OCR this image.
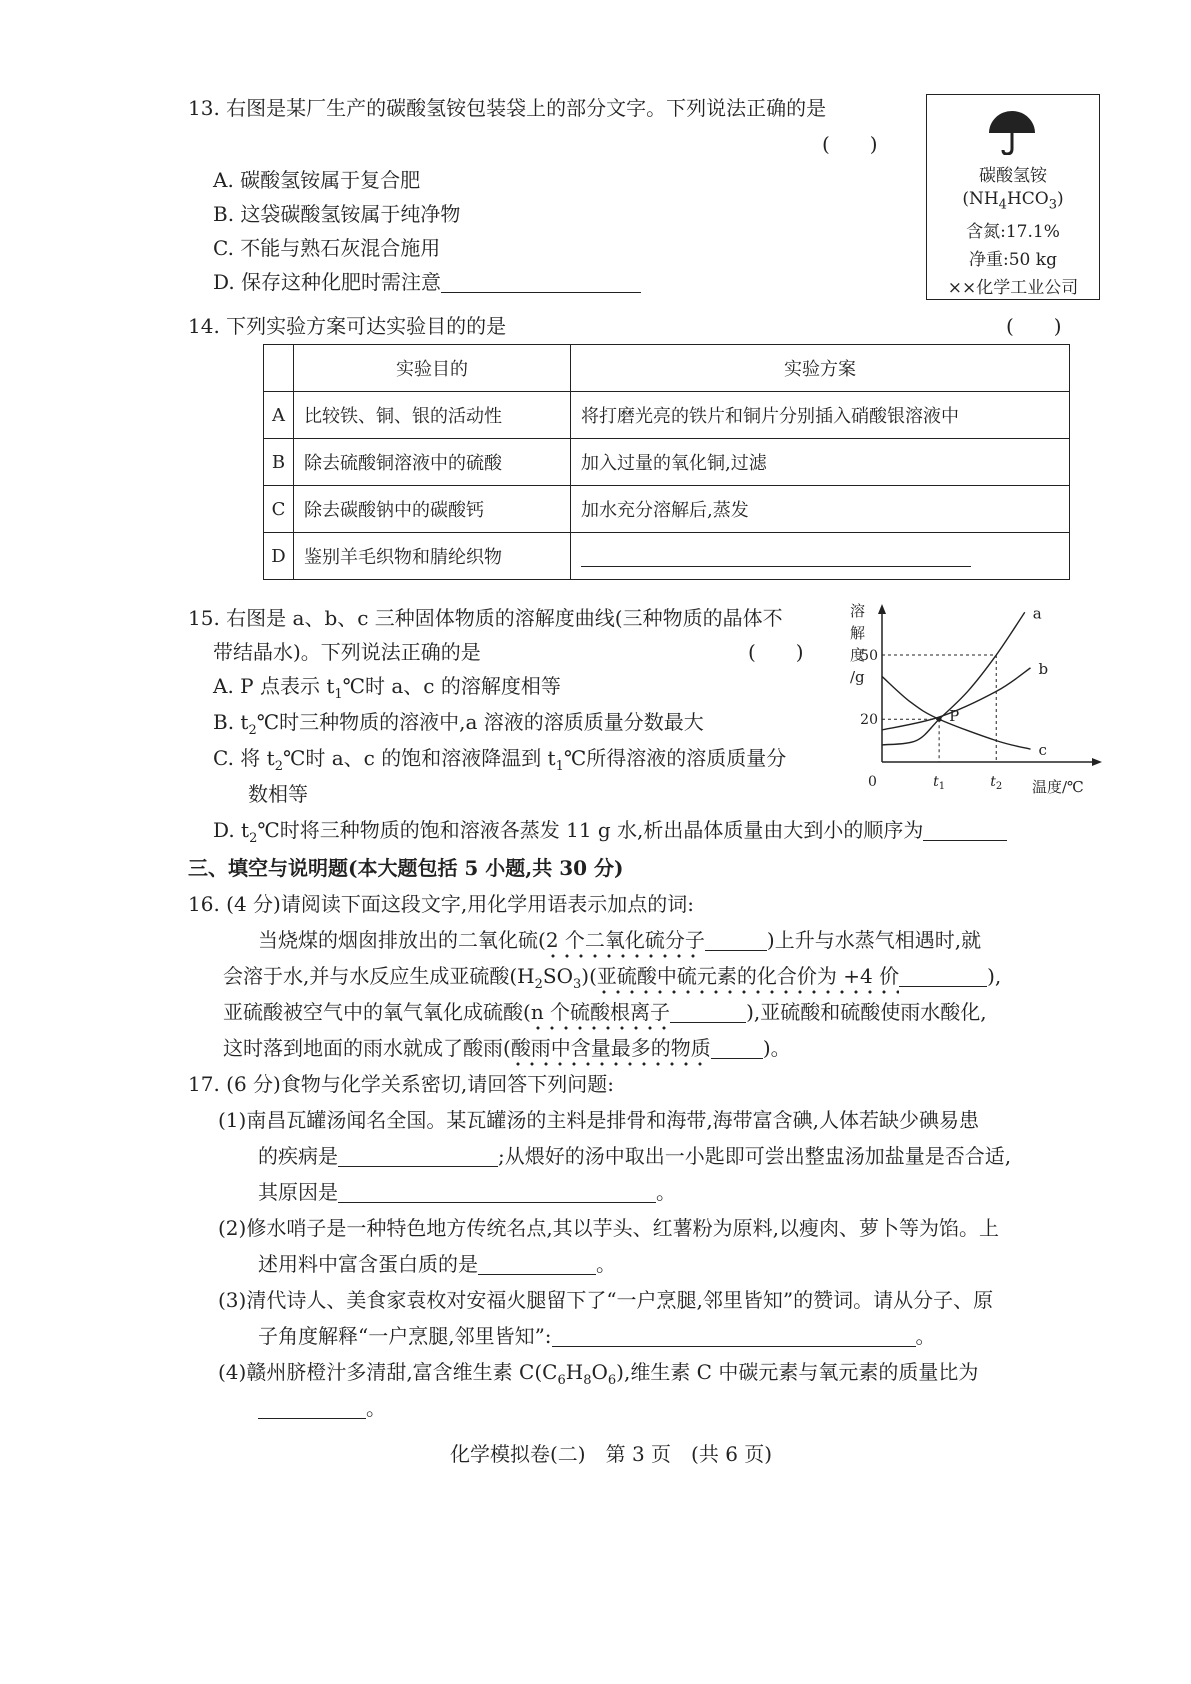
13. 右图是某厂生产的碳酸氢铵包装袋上的部分文字。下列说法正确的是
(　　)
A. 碳酸氢铵属于复合肥
B. 这袋碳酸氢铵属于纯净物
C. 不能与熟石灰混合施用
D. 保存这种化肥时需注意
碳酸氢铵
$(NH_4HCO_3)$
含氮:17.1%
净重:50 kg
××化学工业公司
14. 下列实验方案可达实验目的的是	(　　)
	实验目的	实验方案
A	比较铁、铜、银的活动性	将打磨光亮的铁片和铜片分别插入硝酸银溶液中
B	除去硫酸铜溶液中的硫酸	加入过量的氧化铜,过滤
C	除去碳酸钠中的碳酸钙	加水充分溶解后,蒸发
D	鉴别羊毛织物和腈纶织物	
15. 右图是 a、b、c 三种固体物质的溶解度曲线(三种物质的晶体不
带结晶水)。下列说法正确的是	(　　)
A. P 点表示 $t_1℃$时 a、c 的溶解度相等
B. $t_2℃$时三种物质的溶液中,a 溶液的溶质质量分数最大
C. 将 $t_2℃$时 a、c 的饱和溶液降温到 $t_1℃$所得溶液的溶质质量分
数相等
D. $t_2℃$时将三种物质的饱和溶液各蒸发 11 g 水,析出晶体质量由大到小的顺序为
a
b
c
P
20
50
0	$t_1$	$t_2$
溶
解
度
/g
温度/℃
三、填空与说明题(本大题包括 5 小题,共 30 分)
16. (4 分)请阅读下面这段文字,用化学用语表示加点的词:
当烧煤的烟囱排放出的二氧化硫(2 个二氧化硫分子	)上升与水蒸气相遇时,就
会溶于水,并与水反应生成亚硫酸$(H_2SO_3)$(亚硫酸中硫元素的化合价为 +4 价	),
亚硫酸被空气中的氧气氧化成硫酸(n 个硫酸根离子	),亚硫酸和硫酸使雨水酸化,
这时落到地面的雨水就成了酸雨(酸雨中含量最多的物质	)。
17. (6 分)食物与化学关系密切,请回答下列问题:
(1)南昌瓦罐汤闻名全国。某瓦罐汤的主料是排骨和海带,海带富含碘,人体若缺少碘易患
的疾病是	;从煨好的汤中取出一小匙即可尝出整盅汤加盐量是否合适,
其原因是	。
(2)修水哨子是一种特色地方传统名点,其以芋头、红薯粉为原料,以瘦肉、萝卜等为馅。上
述用料中富含蛋白质的是	。
(3)清代诗人、美食家袁枚对安福火腿留下了“一户烹腿,邻里皆知”的赞词。请从分子、原
子角度解释“一户烹腿,邻里皆知”:	。
(4)赣州脐橙汁多清甜,富含维生素 $C(C_6H_8O_6)$,维生素 C 中碳元素与氧元素的质量比为
。
化学模拟卷(二)　第 3 页　(共 6 页)
